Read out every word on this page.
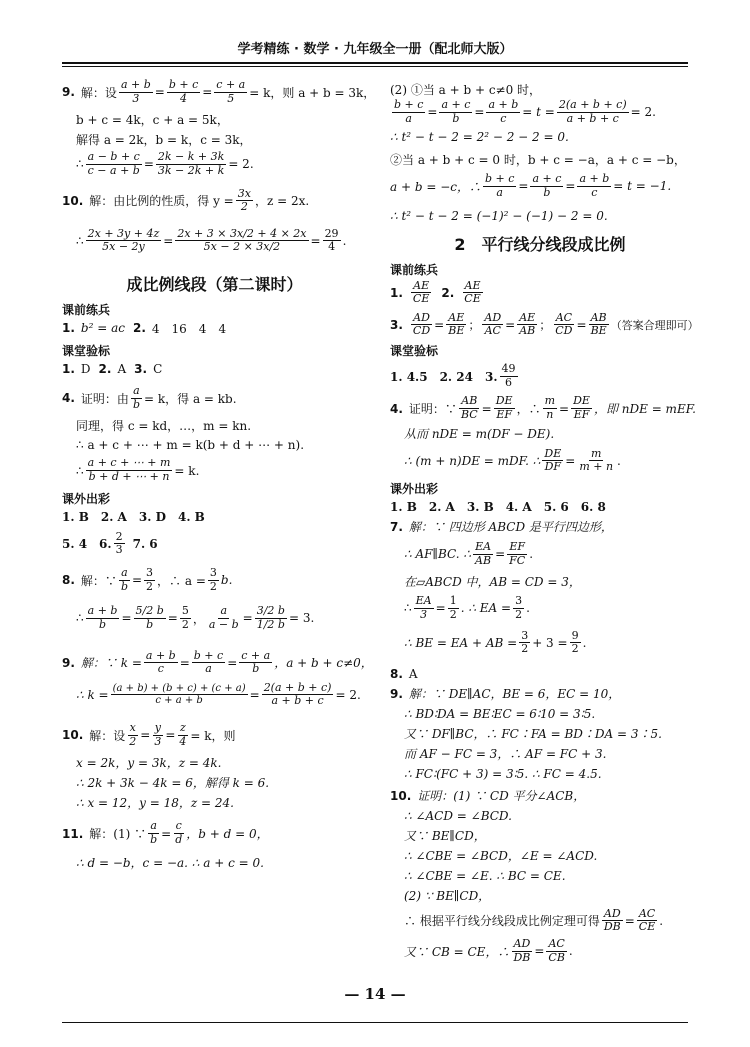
学考精练 · 数学 · 九年级全一册（配北师大版）
9. 解：设 $\frac{a + b}{3} = \frac{b + c}{4} = \frac{c + a}{5} = k$，则 a + b = 3k，
b + c = 4k，c + a = 5k，
解得 a = 2k，b = k，c = 3k，
∴ $\frac{a - b + c}{c - a + b} = \frac{2k - k + 3k}{3k - 2k + k} = 2$.
10. 解：由比例的性质，得 $y = \frac{3x}{2}$ ，z = 2x.
∴ $\frac{2x + 3y + 4z}{5x - 2y} = \frac{2x + 3 \times 3x/2 + 4 \times 2x}{5x - 2 \times 3x/2} = \frac{29}{4}$ .
成比例线段（第二课时）
课前练兵
1. b² = ac 2. 4　16　4　4
课堂验标
1. D 2. A 3. C
4. 证明：由 $\frac{a}{b} = k$，得 a = kb.
同理，得 c = kd，…，m = kn.
∴ a + c + ⋯ + m = k(b + d + ⋯ + n).
∴ $\frac{a + c + \cdots + m}{b + d + \cdots + n} = k$.
课外出彩
1. B　2. A　3. D　4. B
5. 4　6. $\frac{2}{3} 7$. 6
8. 解：∵ $\frac{a}{b} = \frac{3}{2}$ ，∴ $a = \frac{3}{2} b$.
∴ $\frac{a + b}{b} = \frac{5/2 b}{b} = \frac{5}{2}$ ， $\frac{a}{a - b} = \frac{3/2 b}{1/2 b} = 3$.
9. 解：∵ $k = \frac{a + b}{c} = \frac{b + c}{a} = \frac{c + a}{b}$ ，a + b + c≠0，
∴ $k = \frac{(a + b) + (b + c) + (c + a)}{c + a + b} = \frac{2(a + b + c)}{a + b + c} = 2$.
10. 解：设 $\frac{x}{2} = \frac{y}{3} = \frac{z}{4} = k$，则
x = 2k，y = 3k，z = 4k.
∴ 2k + 3k − 4k = 6，解得 k = 6.
∴ x = 12，y = 18，z = 24.
11. 解：(1) ∵ $\frac{a}{b} = \frac{c}{d}$ ，b + d = 0，
∴ d = −b，c = −a. ∴ a + c = 0.
(2) ①当 a + b + c≠0 时，
$\frac{b + c}{a} = \frac{a + c}{b} = \frac{a + b}{c} = t = \frac{2(a + b + c)}{a + b + c} = 2$.
∴ t² − t − 2 = 2² − 2 − 2 = 0.
②当 a + b + c = 0 时，b + c = −a，a + c = −b，
a + b = −c，∴ $\frac{b + c}{a} = \frac{a + c}{b} = \frac{a + b}{c} = t = -1$.
∴ t² − t − 2 = (−1)² − (−1) − 2 = 0.
2　平行线分线段成比例
课前练兵
1. $\frac{AE}{CE} 2$. $\frac{AE}{CE}$
3. $\frac{AD}{CD} = \frac{AE}{BE}$ ； $\frac{AD}{AC} = \frac{AE}{AB}$ ； $\frac{AC}{CD} = \frac{AB}{BE}$ （答案合理即可）
课堂验标
1. 4.5　2. 24　3. $\frac{49}{6}$
4. 证明：∵ $\frac{AB}{BC} = \frac{DE}{EF}$ ，∴ $\frac{m}{n} = \frac{DE}{EF}$ ，即 nDE = mEF.
从而 nDE = m(DF − DE).
∴ (m + n)DE = mDF. ∴ $\frac{DE}{DF} = \frac{m}{m + n}$ .
课外出彩
1. B　2. A　3. B　4. A　5. 6　6. 8
7. 解：∵ 四边形 ABCD 是平行四边形，
∴ AF∥BC. ∴ $\frac{EA}{AB} = \frac{EF}{FC}$ .
在▱ABCD 中，AB = CD = 3，
∴ $\frac{EA}{3} = \frac{1}{2}$ . ∴ EA = $\frac{3}{2}$ .
∴ BE = EA + AB = $\frac{3}{2} + 3 = \frac{9}{2}$ .
8. A
9. 解：∵ DE∥AC，BE = 6，EC = 10，
∴ BD∶DA = BE∶EC = 6∶10 = 3∶5.
又∵ DF∥BC，∴ FC∶FA = BD∶DA = 3∶5.
而 AF − FC = 3，∴ AF = FC + 3.
∴ FC∶(FC + 3) = 3∶5. ∴ FC = 4.5.
10. 证明：(1) ∵ CD 平分∠ACB，
∴ ∠ACD = ∠BCD.
又∵ BE∥CD，
∴ ∠CBE = ∠BCD，∠E = ∠ACD.
∴ ∠CBE = ∠E. ∴ BC = CE.
(2) ∵ BE∥CD，
∴ 根据平行线分线段成比例定理可得 $\frac{AD}{DB} = \frac{AC}{CE}$ .
又∵ CB = CE，∴ $\frac{AD}{DB} = \frac{AC}{CB}$ .
— 14 —
